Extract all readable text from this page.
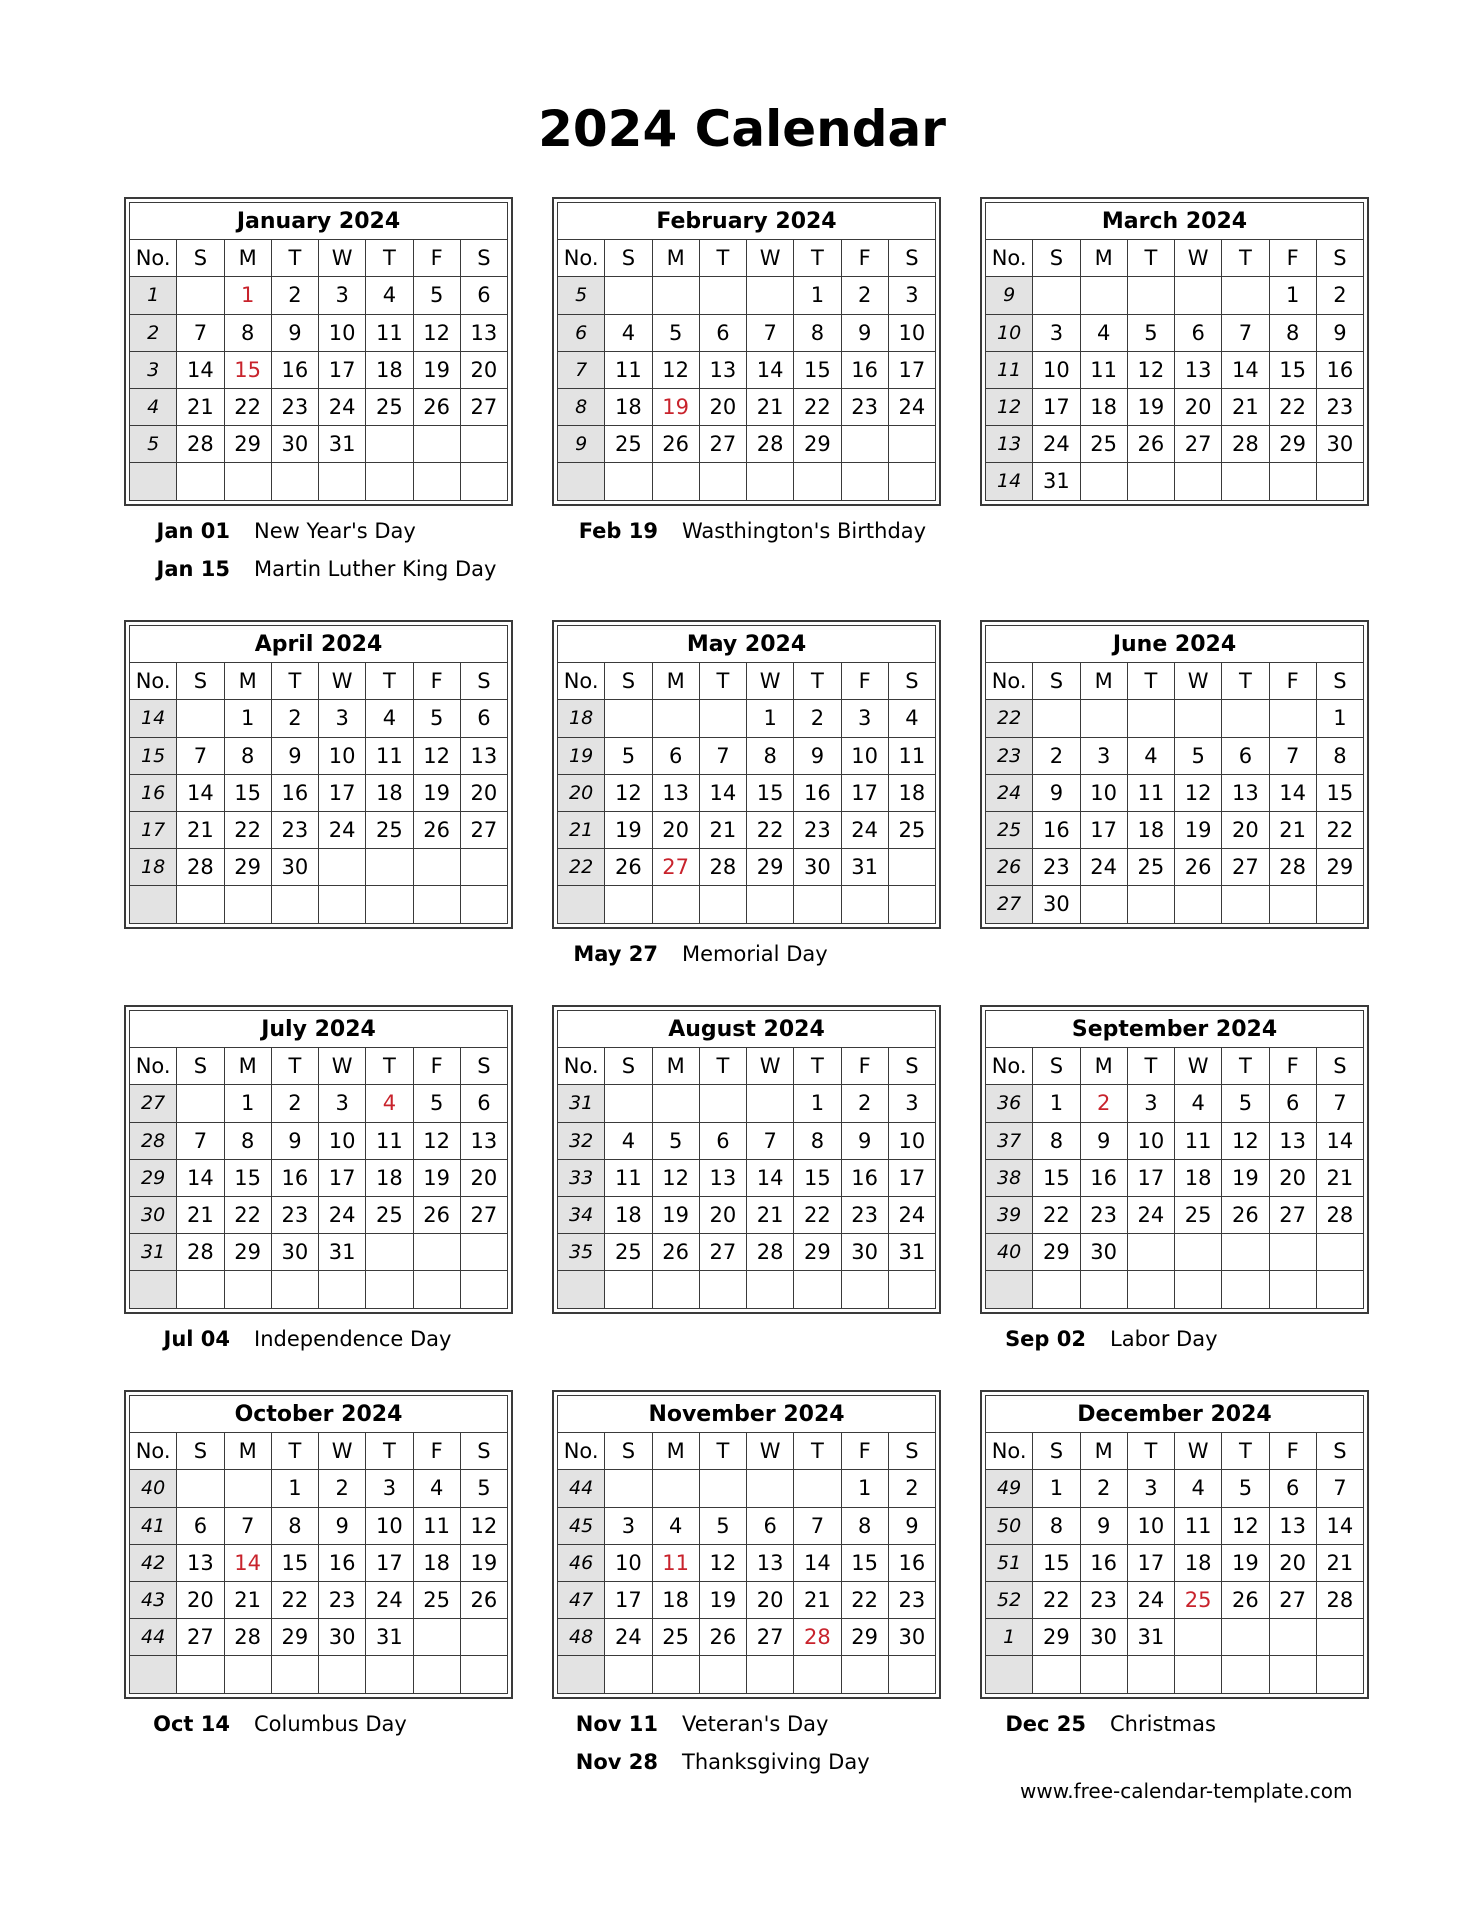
2024 Calendar
January 2024							
No.	S	M	T	W	T	F	S
1		1	2	3	4	5	6
2	7	8	9	10	11	12	13
3	14	15	16	17	18	19	20
4	21	22	23	24	25	26	27
5	28	29	30	31			

Jan 01 New Year's Day
Jan 15 Martin Luther King Day
February 2024							
No.	S	M	T	W	T	F	S
5					1	2	3
6	4	5	6	7	8	9	10
7	11	12	13	14	15	16	17
8	18	19	20	21	22	23	24
9	25	26	27	28	29		

Feb 19 Wasthington's Birthday
March 2024							
No.	S	M	T	W	T	F	S
9						1	2
10	3	4	5	6	7	8	9
11	10	11	12	13	14	15	16
12	17	18	19	20	21	22	23
13	24	25	26	27	28	29	30
14	31						
April 2024							
No.	S	M	T	W	T	F	S
14		1	2	3	4	5	6
15	7	8	9	10	11	12	13
16	14	15	16	17	18	19	20
17	21	22	23	24	25	26	27
18	28	29	30				

May 2024							
No.	S	M	T	W	T	F	S
18				1	2	3	4
19	5	6	7	8	9	10	11
20	12	13	14	15	16	17	18
21	19	20	21	22	23	24	25
22	26	27	28	29	30	31	

May 27 Memorial Day
June 2024							
No.	S	M	T	W	T	F	S
22							1
23	2	3	4	5	6	7	8
24	9	10	11	12	13	14	15
25	16	17	18	19	20	21	22
26	23	24	25	26	27	28	29
27	30						
July 2024							
No.	S	M	T	W	T	F	S
27		1	2	3	4	5	6
28	7	8	9	10	11	12	13
29	14	15	16	17	18	19	20
30	21	22	23	24	25	26	27
31	28	29	30	31			

Jul 04 Independence Day
August 2024							
No.	S	M	T	W	T	F	S
31					1	2	3
32	4	5	6	7	8	9	10
33	11	12	13	14	15	16	17
34	18	19	20	21	22	23	24
35	25	26	27	28	29	30	31

September 2024							
No.	S	M	T	W	T	F	S
36	1	2	3	4	5	6	7
37	8	9	10	11	12	13	14
38	15	16	17	18	19	20	21
39	22	23	24	25	26	27	28
40	29	30					

Sep 02 Labor Day
October 2024							
No.	S	M	T	W	T	F	S
40			1	2	3	4	5
41	6	7	8	9	10	11	12
42	13	14	15	16	17	18	19
43	20	21	22	23	24	25	26
44	27	28	29	30	31		

Oct 14 Columbus Day
November 2024							
No.	S	M	T	W	T	F	S
44						1	2
45	3	4	5	6	7	8	9
46	10	11	12	13	14	15	16
47	17	18	19	20	21	22	23
48	24	25	26	27	28	29	30

Nov 11 Veteran's Day
Nov 28 Thanksgiving Day
December 2024							
No.	S	M	T	W	T	F	S
49	1	2	3	4	5	6	7
50	8	9	10	11	12	13	14
51	15	16	17	18	19	20	21
52	22	23	24	25	26	27	28
1	29	30	31				

Dec 25 Christmas
www.free-calendar-template.com
